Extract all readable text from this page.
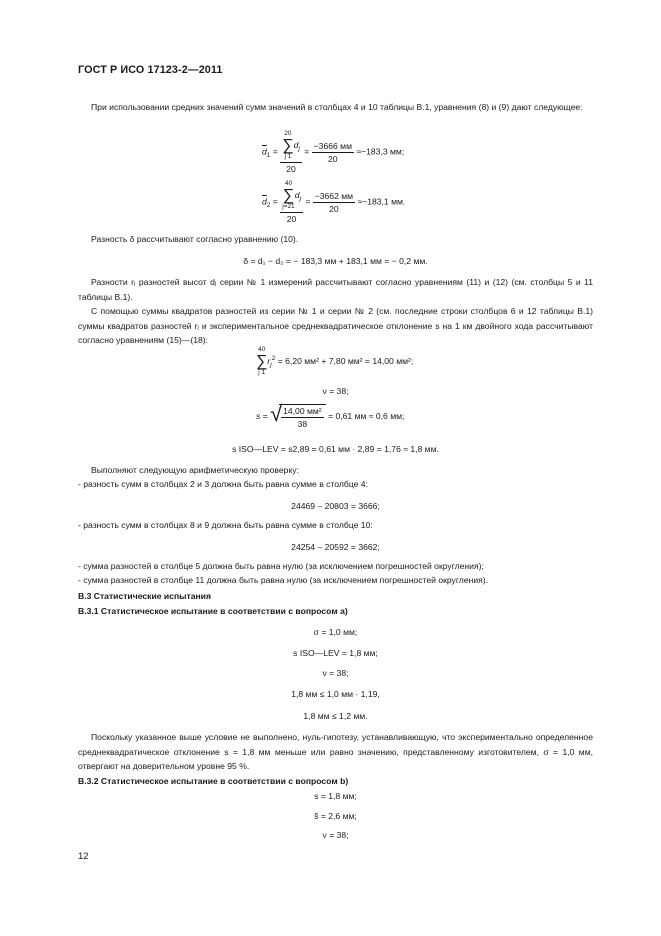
ГОСТ Р ИСО 17123-2—2011
При использовании средних значений сумм значений в столбцах 4 и 10 таблицы В.1, уравнения (8) и (9) дают следующее:
$\overline{d}_1 = 20$
∑
j 1
$d_j$
$20 = \frac{-3666 мм}{20} \approx-183,3$ мм;
$\overline{d}_2 = 40$
∑
j=21
$d_j$
$20 = \frac{-3662 мм}{20} \approx-183,1$ мм.
Разность δ рассчитывают согласно уравнению (10).
δ = d₁ − d₂ = − 183,3 мм + 183,1 мм = − 0,2 мм.
Разности rⱼ разностей высот dⱼ серии № 1 измерений рассчитывают согласно уравнениям (11) и (12) (см. столбцы 5 и 11 таблицы В.1).
С помощью суммы квадратов разностей из серии № 1 и серии № 2 (см. последние строки столбцов 6 и 12 таблицы В.1) суммы квадратов разностей rⱼ и экспериментальное среднеквадратическое отклонение s на 1 км двойного хода рассчитывают согласно уравнениям (15)—(18):
40
∑
j 1
$r_j^2 = 6,20$ мм² + 7,80 мм² = 14,00 мм²;
ν = 38;
s = √
$\frac{\text{14,00 мм²}}{38} = 0,61$ мм ≈ 0,6 мм;
s ISO—LEV = s2,89 = 0,61 мм · 2,89 = 1,76 ≈ 1,8 мм.
Выполняют следующую арифметическую проверку:
- разность сумм в столбцах 2 и 3 должна быть равна сумме в столбце 4:
24469 – 20803 = 3666;
- разность сумм в столбцах 8 и 9 должна быть равна сумме в столбце 10:
24254 – 20592 = 3662;
- сумма разностей в столбце 5 должна быть равна нулю (за исключением погрешностей округления);
- сумма разностей в столбце 11 должна быть равна нулю (за исключением погрешностей округления).
В.3 Статистические испытания
В.3.1 Статистическое испытание в соответствии с вопросом а)
σ = 1,0 мм;
s ISO—LEV = 1,8 мм;
ν = 38;
1,8 мм ≤ 1,0 мм · 1,19,
1,8 мм ≤ 1,2 мм.
Поскольку указанное выше условие не выполнено, нуль-гипотезу, устанавливающую, что экспериментально определенное среднеквадратическое отклонение s = 1,8 мм меньше или равно значению, представленному изготовителем, σ = 1,0 мм, отвергают на доверительном уровне 95 %.
В.3.2 Статистическое испытание в соответствии с вопросом b)
s = 1,8 мм;
s̃ = 2,6 мм;
ν = 38;
12
